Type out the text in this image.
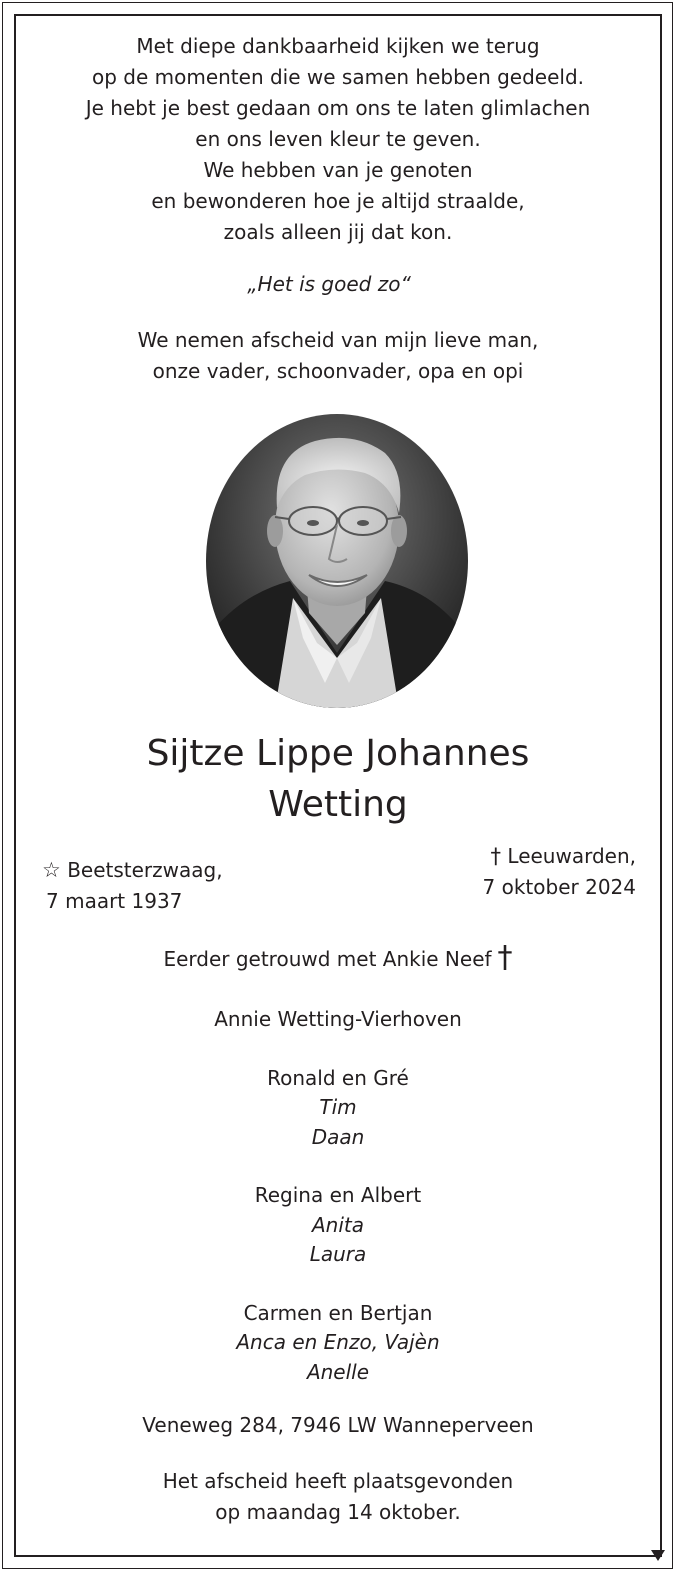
Met diepe dankbaarheid kijken we terug
op de momenten die we samen hebben gedeeld.
Je hebt je best gedaan om ons te laten glimlachen
en ons leven kleur te geven.
We hebben van je genoten
en bewonderen hoe je altijd straalde,
zoals alleen jij dat kon.
„Het is goed zo“
We nemen afscheid van mijn lieve man,
onze vader, schoonvader, opa en opi
Sijtze Lippe Johannes
Wetting
☆ Beetsterzwaag,
7 maart 1937
† Leeuwarden,
7 oktober 2024
Eerder getrouwd met Ankie Neef †
Annie Wetting-Vierhoven
Ronald en Gré
Tim
Daan
Regina en Albert
Anita
Laura
Carmen en Bertjan
Anca en Enzo, Vajèn
Anelle
Veneweg 284, 7946 LW Wanneperveen
Het afscheid heeft plaatsgevonden
op maandag 14 oktober.
